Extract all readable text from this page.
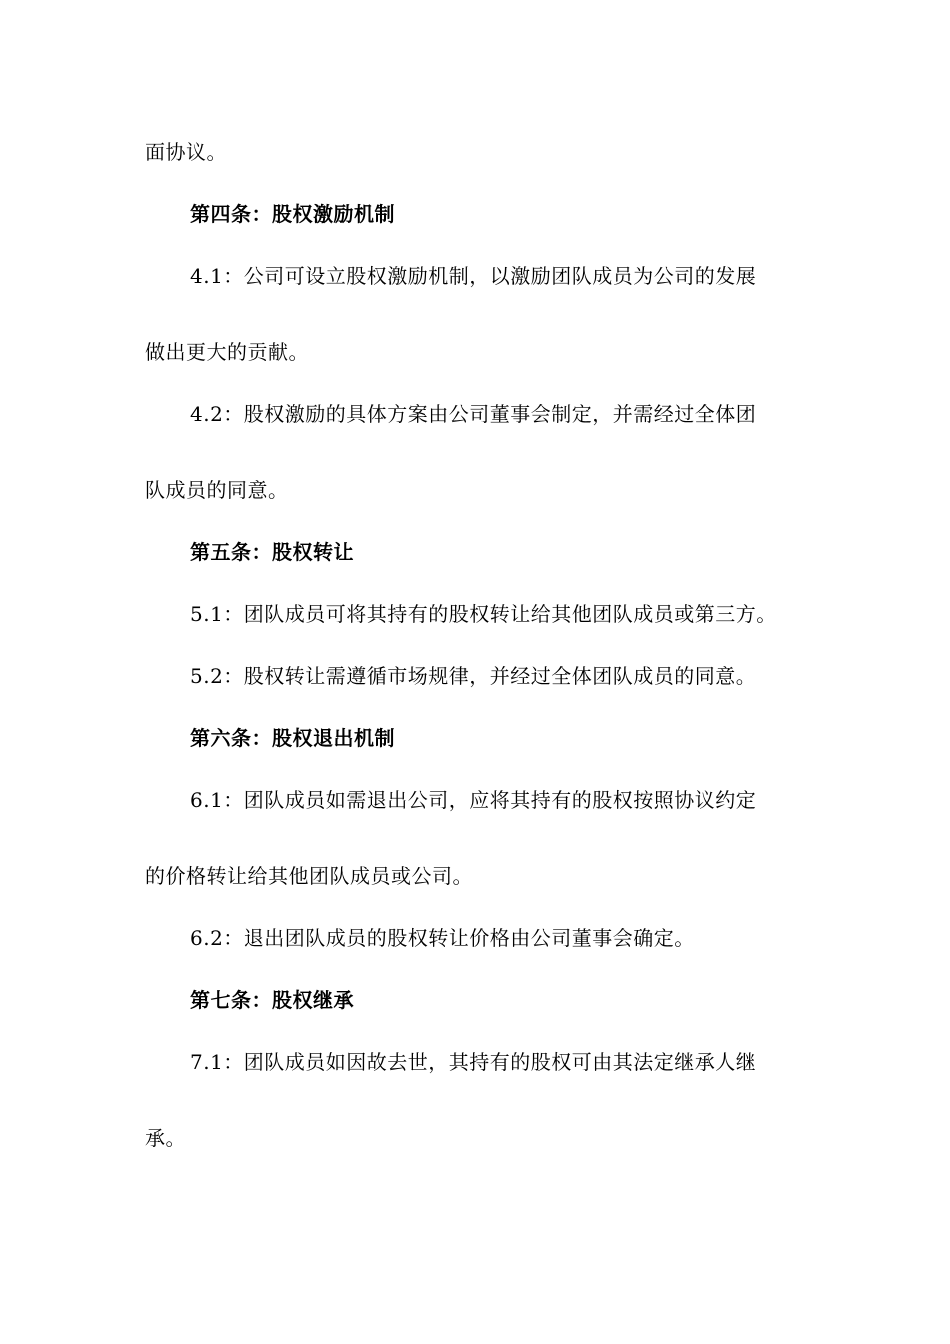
面协议。
第四条：股权激励机制
4.1：公司可设立股权激励机制，以激励团队成员为公司的发展
做出更大的贡献。
4.2：股权激励的具体方案由公司董事会制定，并需经过全体团
队成员的同意。
第五条：股权转让
5.1：团队成员可将其持有的股权转让给其他团队成员或第三方。
5.2：股权转让需遵循市场规律，并经过全体团队成员的同意。
第六条：股权退出机制
6.1：团队成员如需退出公司，应将其持有的股权按照协议约定
的价格转让给其他团队成员或公司。
6.2：退出团队成员的股权转让价格由公司董事会确定。
第七条：股权继承
7.1：团队成员如因故去世，其持有的股权可由其法定继承人继
承。
